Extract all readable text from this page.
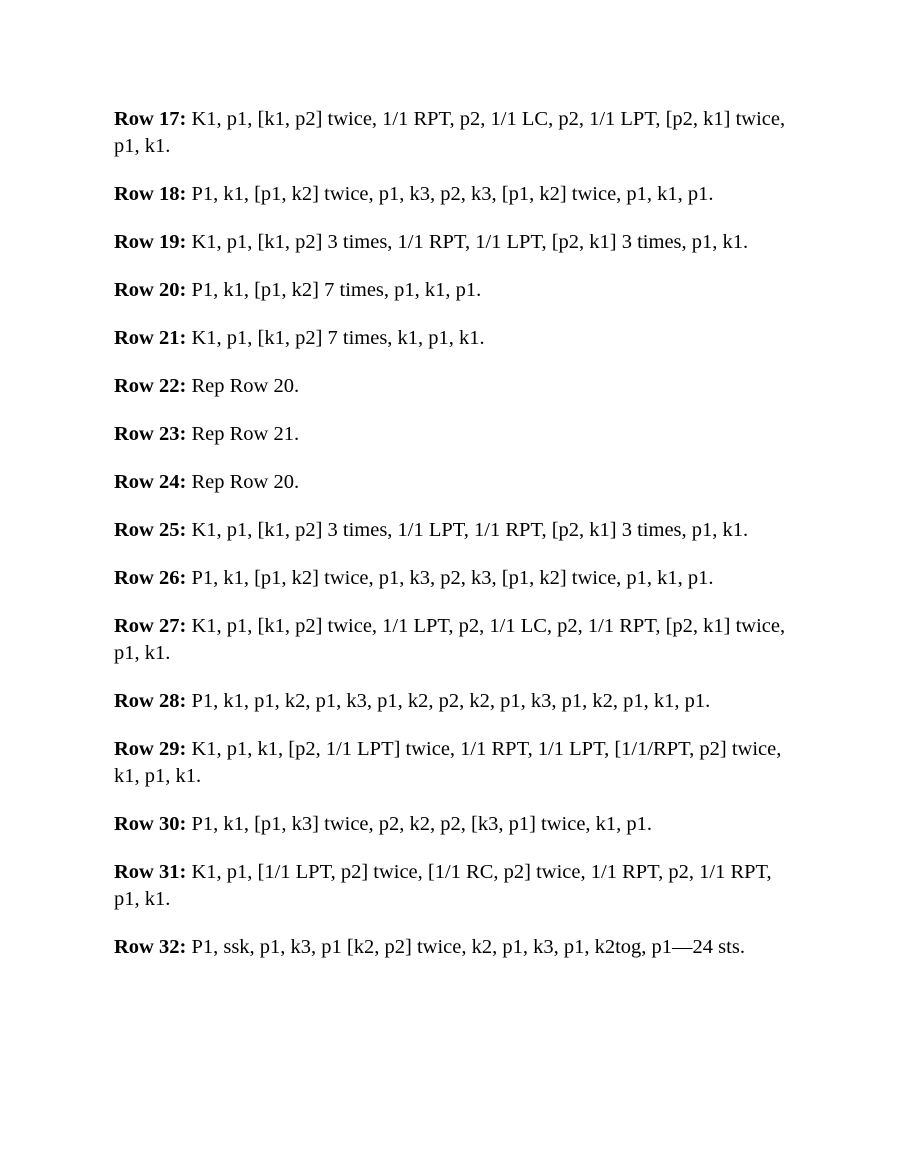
Row 17: K1, p1, [k1, p2] twice, 1/1 RPT, p2, 1/1 LC, p2, 1/1 LPT, [p2, k1] twice, p1, k1.

Row 18: P1, k1, [p1, k2] twice, p1, k3, p2, k3, [p1, k2] twice, p1, k1, p1.

Row 19: K1, p1, [k1, p2] 3 times, 1/1 RPT, 1/1 LPT, [p2, k1] 3 times, p1, k1.

Row 20: P1, k1, [p1, k2] 7 times, p1, k1, p1.

Row 21: K1, p1, [k1, p2] 7 times, k1, p1, k1.

Row 22: Rep Row 20.

Row 23: Rep Row 21.

Row 24: Rep Row 20.

Row 25: K1, p1, [k1, p2] 3 times, 1/1 LPT, 1/1 RPT, [p2, k1] 3 times, p1, k1.

Row 26: P1, k1, [p1, k2] twice, p1, k3, p2, k3, [p1, k2] twice, p1, k1, p1.

Row 27: K1, p1, [k1, p2] twice, 1/1 LPT, p2, 1/1 LC, p2, 1/1 RPT, [p2, k1] twice, p1, k1.

Row 28: P1, k1, p1, k2, p1, k3, p1, k2, p2, k2, p1, k3, p1, k2, p1, k1, p1.

Row 29: K1, p1, k1, [p2, 1/1 LPT] twice, 1/1 RPT, 1/1 LPT, [1/1/RPT, p2] twice, k1, p1, k1.

Row 30: P1, k1, [p1, k3] twice, p2, k2, p2, [k3, p1] twice, k1, p1.

Row 31: K1, p1, [1/1 LPT, p2] twice, [1/1 RC, p2] twice, 1/1 RPT, p2, 1/1 RPT, p1, k1.

Row 32: P1, ssk, p1, k3, p1 [k2, p2] twice, k2, p1, k3, p1, k2tog, p1—24 sts.
